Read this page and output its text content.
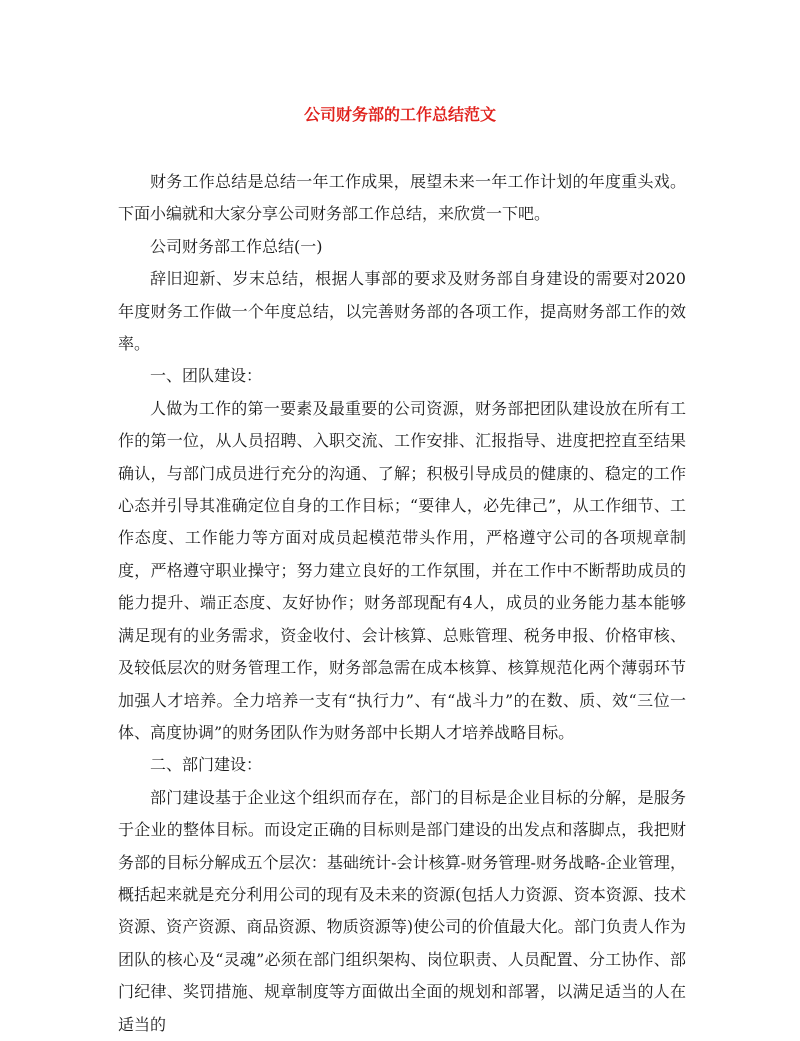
公司财务部的工作总结范文

财务工作总结是总结一年工作成果，展望未来一年工作计划的年度重头戏。下面小编就和大家分享公司财务部工作总结，来欣赏一下吧。

公司财务部工作总结(一)

辞旧迎新、岁末总结，根据人事部的要求及财务部自身建设的需要对2020年度财务工作做一个年度总结，以完善财务部的各项工作，提高财务部工作的效率。

一、团队建设：

人做为工作的第一要素及最重要的公司资源，财务部把团队建设放在所有工作的第一位，从人员招聘、入职交流、工作安排、汇报指导、进度把控直至结果确认，与部门成员进行充分的沟通、了解；积极引导成员的健康的、稳定的工作心态并引导其准确定位自身的工作目标；“要律人，必先律己”，从工作细节、工作态度、工作能力等方面对成员起模范带头作用，严格遵守公司的各项规章制度，严格遵守职业操守；努力建立良好的工作氛围，并在工作中不断帮助成员的能力提升、端正态度、友好协作；财务部现配有4人，成员的业务能力基本能够满足现有的业务需求，资金收付、会计核算、总账管理、税务申报、价格审核、及较低层次的财务管理工作，财务部急需在成本核算、核算规范化两个薄弱环节加强人才培养。全力培养一支有“执行力”、有“战斗力”的在数、质、效“三位一体、高度协调”的财务团队作为财务部中长期人才培养战略目标。

二、部门建设：

部门建设基于企业这个组织而存在，部门的目标是企业目标的分解，是服务于企业的整体目标。而设定正确的目标则是部门建设的出发点和落脚点，我把财务部的目标分解成五个层次：基础统计-会计核算-财务管理-财务战略-企业管理，概括起来就是充分利用公司的现有及未来的资源(包括人力资源、资本资源、技术资源、资产资源、商品资源、物质资源等)使公司的价值最大化。部门负责人作为团队的核心及“灵魂”必须在部门组织架构、岗位职责、人员配置、分工协作、部门纪律、奖罚措施、规章制度等方面做出全面的规划和部署，以满足适当的人在适当的
